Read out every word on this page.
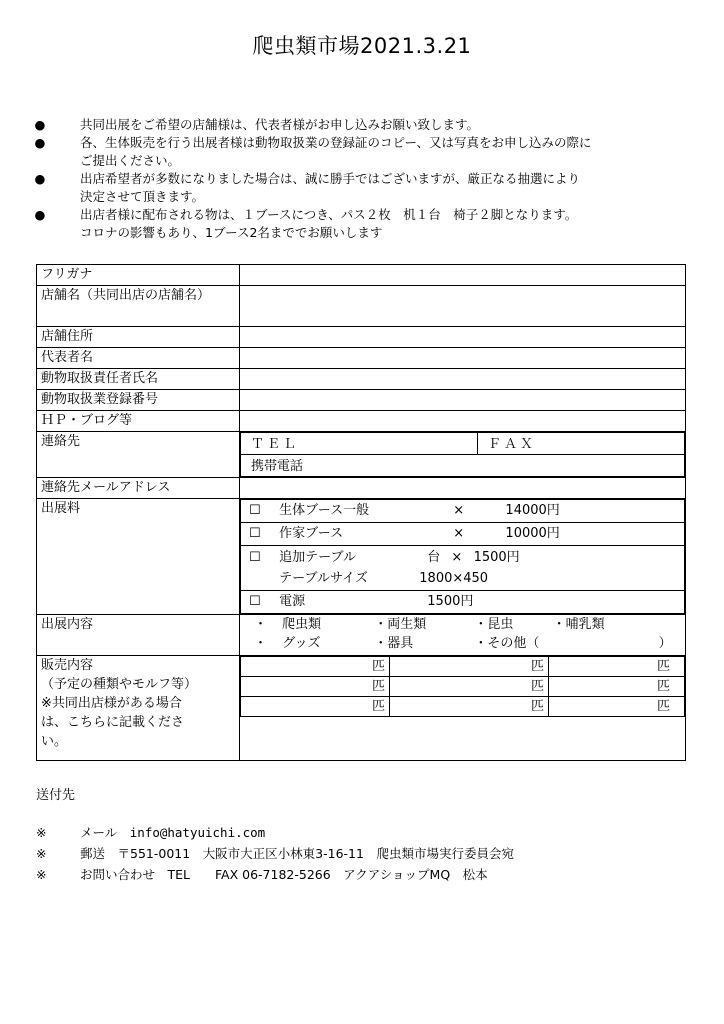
爬虫類市場2021.3.21
●	共同出展をご希望の店舗様は、代表者様がお申し込みお願い致します。
●	各、生体販売を行う出展者様は動物取扱業の登録証のコピー、又は写真をお申し込みの際に
ご提出ください。
●	出店希望者が多数になりました場合は、誠に勝手ではございますが、厳正なる抽選により
決定させて頂きます。
●	出店者様に配布される物は、１ブースにつき、パス２枚　机１台　椅子２脚となります。
コロナの影響もあり、1ブース2名まででお願いします
フリガナ	
店舗名（共同出店の店舗名）	
店舗住所	
代表者名	
動物取扱責任者氏名	
動物取扱業登録番号	
ＨＰ・ブログ等	
連絡先		ＴＥＬ	ＦＡＸ
携帯電話

連絡先メールアドレス	
出展料		☐ 生体ブース一般	×	14000円
☐ 作家ブース	×	10000円
☐ 追加テーブル	台 × 1500円
テーブルサイズ	1800×450
☐ 電源	1500円

出展内容	・ 爬虫類	・両生類	・昆虫	・哺乳類
・ グッズ	・器具	・その他（	）

販売内容
（予定の種類やモルフ等）
※共同出店様がある場合
は、こちらに記載くださ
い。

匹	匹	匹
匹	匹	匹
匹	匹	匹
送付先
※	メール　info@hatyuichi.com
※	郵送　〒551-0011　大阪市大正区小林東3-16-11　爬虫類市場実行委員会宛
※	お問い合わせ　TEL　　FAX 06-7182-5266　アクアショップMQ　松本
